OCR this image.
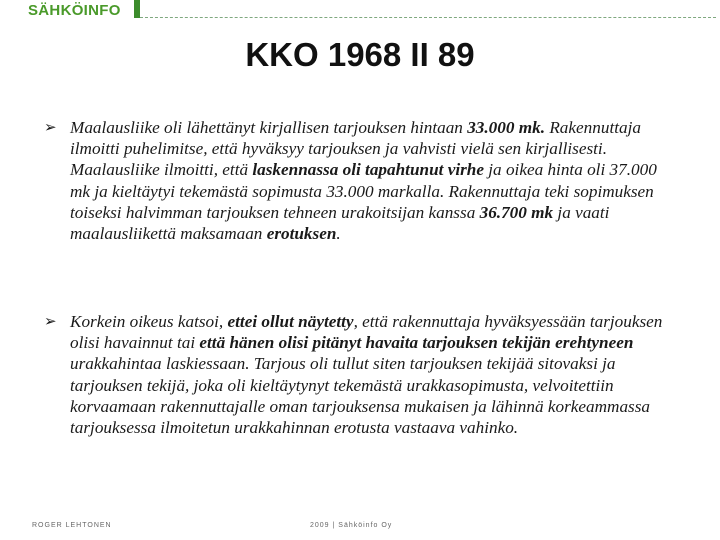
SÄHKÖINFO
KKO 1968 II 89
➢ Maalausliike oli lähettänyt kirjallisen tarjouksen hintaan 33.000 mk. Rakennuttaja ilmoitti puhelimitse, että hyväksyy tarjouksen ja vahvisti vielä sen kirjallisesti. Maalausliike ilmoitti, että laskennassa oli tapahtunut virhe ja oikea hinta oli 37.000 mk ja kieltäytyi tekemästä sopimusta 33.000 markalla. Rakennuttaja teki sopimuksen toiseksi halvimman tarjouksen tehneen urakoitsijan kanssa 36.700 mk ja vaati maalausliikettä maksamaan erotuksen.
➢ Korkein oikeus katsoi, ettei ollut näytetty, että rakennuttaja hyväksyessään tarjouksen olisi havainnut tai että hänen olisi pitänyt havaita tarjouksen tekijän erehtyneen urakkahintaa laskiessaan. Tarjous oli tullut siten tarjouksen tekijää sitovaksi ja tarjouksen tekijä, joka oli kieltäytynyt tekemästä urakkasopimusta, velvoitettiin korvaamaan rakennuttajalle oman tarjouksensa mukaisen ja lähinnä korkeammassa tarjouksessa ilmoitetun urakkahinnan erotusta vastaava vahinko.
ROGER LEHTONEN	2009 | Sähköinfo Oy
